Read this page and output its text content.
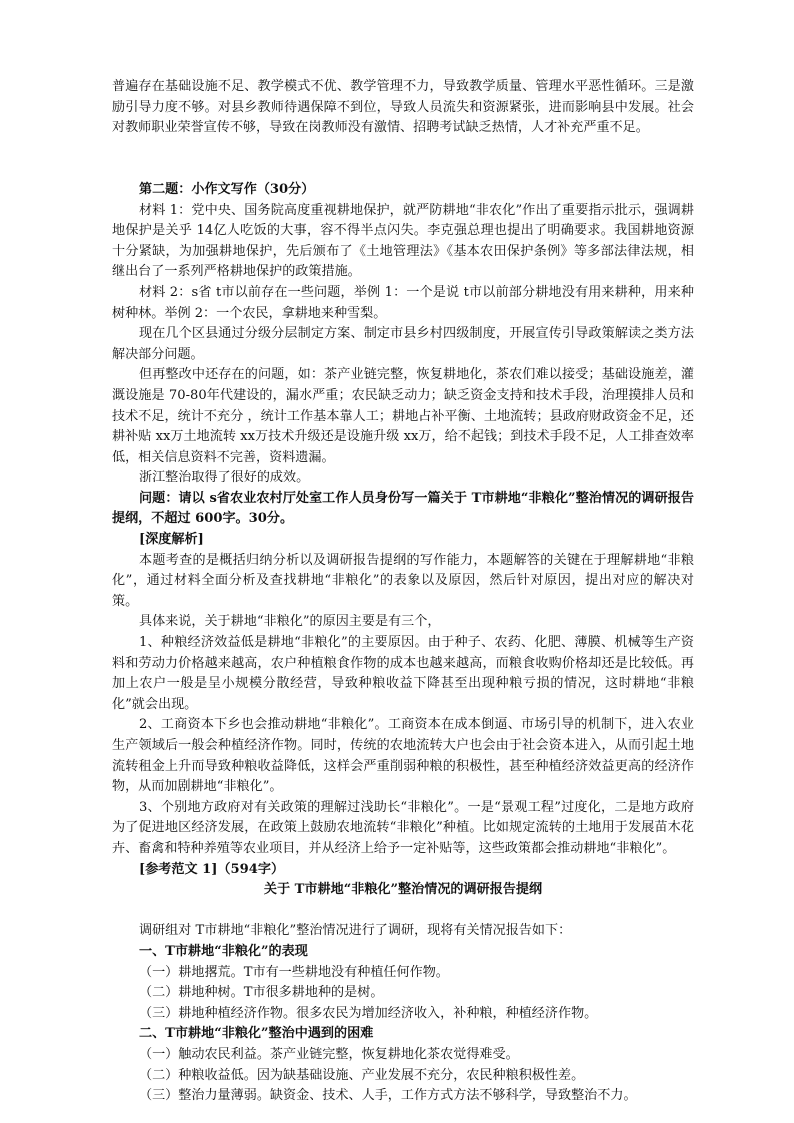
普遍存在基础设施不足、教学模式不优、教学管理不力，导致教学质量、管理水平恶性循环。三是激励引导力度不够。对县乡教师待遇保障不到位，导致人员流失和资源紧张，进而影响县中发展。社会对教师职业荣誉宣传不够，导致在岗教师没有激情、招聘考试缺乏热情，人才补充严重不足。

第二题：小作文写作（30分）

材料 1：党中央、国务院高度重视耕地保护，就严防耕地“非农化”作出了重要指示批示，强调耕地保护是关乎 14亿人吃饭的大事，容不得半点闪失。李克强总理也提出了明确要求。我国耕地资源十分紧缺，为加强耕地保护，先后颁布了《土地管理法》《基本农田保护条例》等多部法律法规，相继出台了一系列严格耕地保护的政策措施。

材料 2：s省 t市以前存在一些问题，举例 1：一个是说 t市以前部分耕地没有用来耕种，用来种树种林。举例 2：一个农民，拿耕地来种雪梨。

现在几个区县通过分级分层制定方案、制定市县乡村四级制度，开展宣传引导政策解读之类方法解决部分问题。

但再整改中还存在的问题，如：茶产业链完整，恢复耕地化，茶农们难以接受；基础设施差，灌溉设施是 70-80年代建设的，漏水严重；农民缺乏动力；缺乏资金支持和技术手段，治理摸排人员和技术不足，统计不充分 ，统计工作基本靠人工；耕地占补平衡、土地流转；县政府财政资金不足，还耕补贴 xx万土地流转 xx万技术升级还是设施升级 xx万，给不起钱；到技术手段不足，人工排查效率低，相关信息资料不完善，资料遗漏。

浙江整治取得了很好的成效。

问题：请以 s省农业农村厅处室工作人员身份写一篇关于 T市耕地“非粮化”整治情况的调研报告提纲，不超过 600字。30分。

[深度解析]

本题考查的是概括归纳分析以及调研报告提纲的写作能力，本题解答的关键在于理解耕地“非粮化”，通过材料全面分析及查找耕地“非粮化”的表象以及原因，然后针对原因，提出对应的解决对策。

具体来说，关于耕地“非粮化”的原因主要是有三个，

1、种粮经济效益低是耕地“非粮化”的主要原因。由于种子、农药、化肥、薄膜、机械等生产资料和劳动力价格越来越高，农户种植粮食作物的成本也越来越高，而粮食收购价格却还是比较低。再加上农户一般是呈小规模分散经营，导致种粮收益下降甚至出现种粮亏损的情况，这时耕地“非粮化”就会出现。

2、工商资本下乡也会推动耕地“非粮化”。工商资本在成本倒逼、市场引导的机制下，进入农业生产领域后一般会种植经济作物。同时，传统的农地流转大户也会由于社会资本进入，从而引起土地流转租金上升而导致种粮收益降低，这样会严重削弱种粮的积极性，甚至种植经济效益更高的经济作物，从而加剧耕地“非粮化”。

3、个别地方政府对有关政策的理解过浅助长“非粮化”。一是“景观工程”过度化，二是地方政府为了促进地区经济发展，在政策上鼓励农地流转“非粮化”种植。比如规定流转的土地用于发展苗木花卉、畜禽和特种养殖等农业项目，并从经济上给予一定补贴等，这些政策都会推动耕地“非粮化”。

[参考范文 1]（594字）

关于 T市耕地“非粮化”整治情况的调研报告提纲

调研组对 T市耕地“非粮化”整治情况进行了调研，现将有关情况报告如下：

一、T市耕地“非粮化”的表现

（一）耕地撂荒。T市有一些耕地没有种植任何作物。

（二）耕地种树。T市很多耕地种的是树。

（三）耕地种植经济作物。很多农民为增加经济收入，补种粮，种植经济作物。

二、T市耕地“非粮化”整治中遇到的困难

（一）触动农民利益。茶产业链完整，恢复耕地化茶农觉得难受。

（二）种粮收益低。因为缺基础设施、产业发展不充分，农民种粮积极性差。

（三）整治力量薄弱。缺资金、技术、人手，工作方式方法不够科学，导致整治不力。
